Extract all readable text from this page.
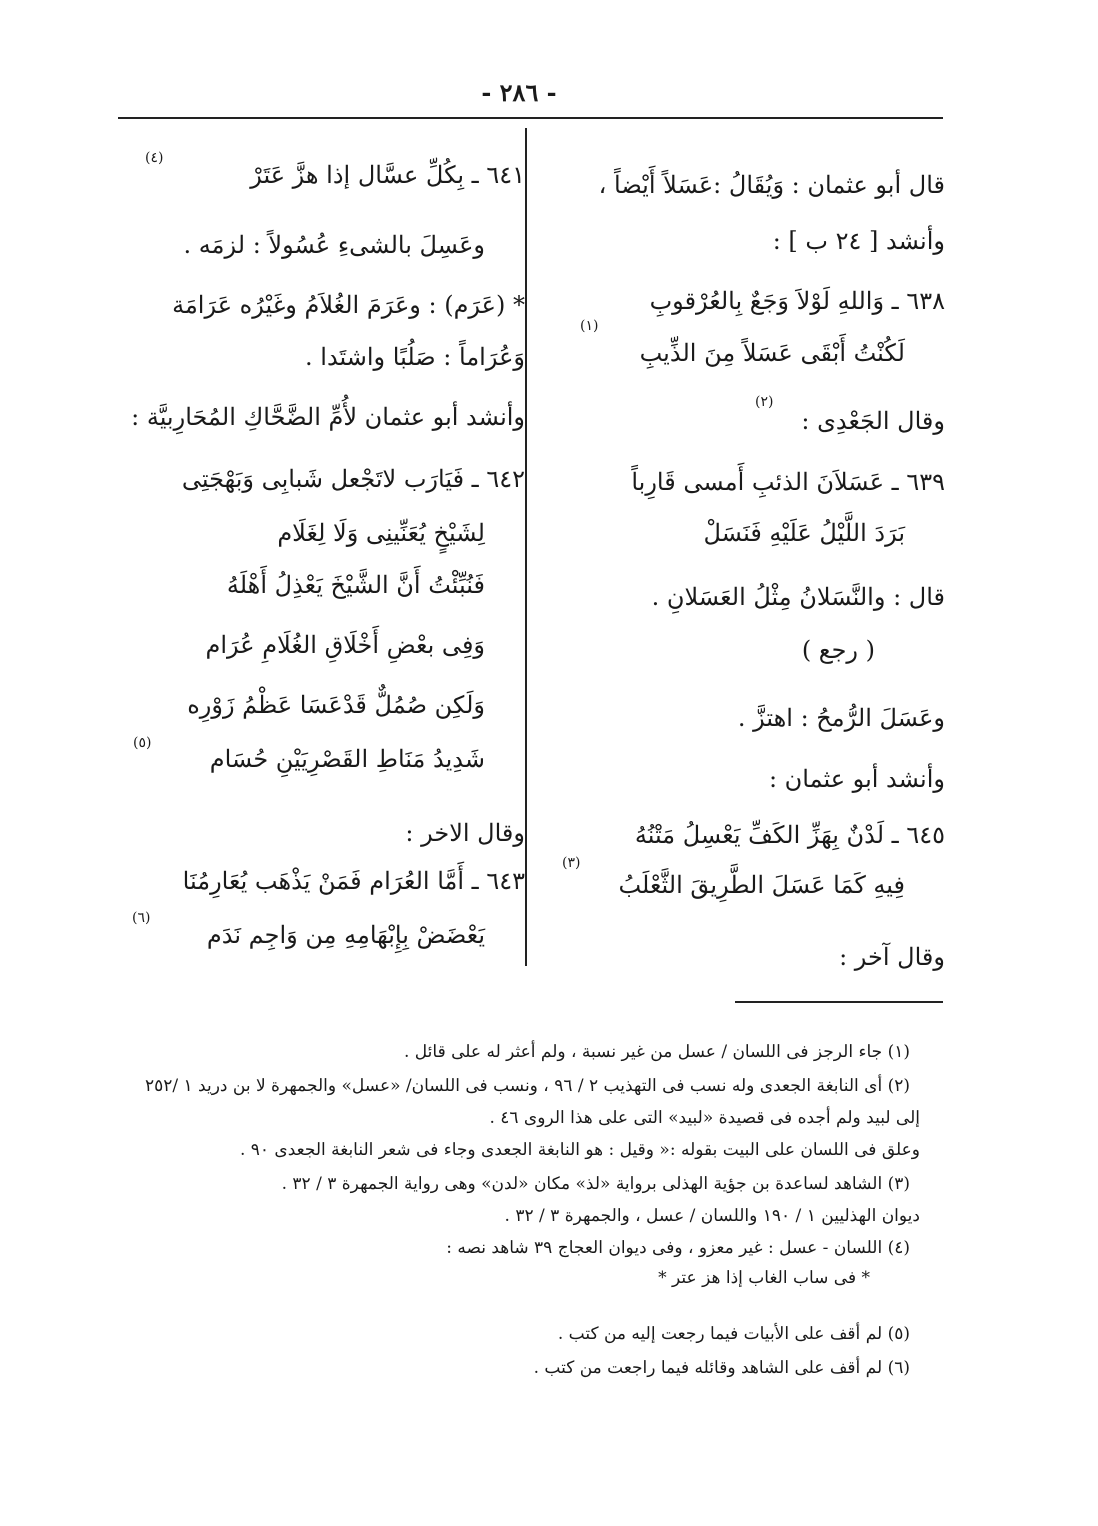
- ٢٨٦ -
قال أبو عثمان : وَيُقَالُ :عَسَلاً أَيْضاً ،
وأنشد [ ٢٤ ب ] :
٦٣٨ ـ وَاللهِ لَوْلاَ وَجَعٌ بِالعُرْقوبِ
لَكُنْتُ أَبْقَى عَسَلاً مِنَ الذِّيبِ
وقال الجَعْدِى :
٦٣٩ ـ عَسَلاَنَ الذئبِ أَمسى قَارِباً
بَرَدَ اللَّيْلُ عَلَيْهِ فَنَسَلْ
قال : والنَّسَلانُ مِثْلُ العَسَلانِ .
( رجع )
وعَسَلَ الرُّمحُ : اهتزَّ .
وأنشد أبو عثمان :
٦٤٥ ـ لَدْنٌ بِهَزِّ الكَفِّ يَعْسِلُ مَتْنُهُ
فِيهِ كَمَا عَسَلَ الطَّرِيقَ الثَّعْلَبُ
وقال آخر :
(١)
(٢)
(٣)
٦٤١ ـ بِكُلِّ عسَّال إذا هزَّ عَتَرْ
وعَسِلَ بالشىءِ عُسُولاً : لزمَه .
* (عَرَم) : وعَرَمَ الغُلاَمُ وغَيْرُه عَرَامَة
وَعُرَاماً : صَلُبًا واشتَدا .
وأنشد أبو عثمان لأُمِّ الضَّحَّاكِ المُحَارِبيَّة :
٦٤٢ ـ فَيَارَب لاتَجْعل شَبابِى وَبَهْجَتِى
لِشَيْخٍ يُعَنِّينِى وَلَا لِغَلَام
فَنُبِّئْتُ أَنَّ الشَّيْخَ يَعْذِلُ أَهْلَهُ
وَفِى بعْضِ أَخْلَاقِ الغُلَامِ عُرَام
وَلَكِن صُمُلٌّ قَدْعَسَا عَظْمُ زَوْرِه
شَدِيدُ مَنَاطِ القَصْرِيَيْنِ حُسَام
وقال الاخر :
٦٤٣ ـ أَمَّا العُرَام فَمَنْ يَذْهَب يُعَارِمُنَا
يَعْضَضْ بِإِبْهَامِهِ مِن وَاجِم نَدَم
(٤)
(٥)
(٦)
(١) جاء الرجز فى اللسان / عسل من غير نسبة ، ولم أعثر له على قائل .
(٢) أى النابغة الجعدى وله نسب فى التهذيب ٢ / ٩٦ ، ونسب فى اللسان/ «عسل» والجمهرة لا بن دريد ١ /٢٥٢
إلى لبيد ولم أجده فى قصيدة «لبيد» التى على هذا الروى ٤٦ .
وعلق فى اللسان على البيت بقوله :« وقيل : هو النابغة الجعدى وجاء فى شعر النابغة الجعدى ٩٠ .
(٣) الشاهد لساعدة بن جؤية الهذلى برواية «لذ» مكان «لدن» وهى رواية الجمهرة ٣ / ٣٢ .
ديوان الهذليين ١ / ١٩٠ واللسان / عسل ، والجمهرة ٣ / ٣٢ .
(٤) اللسان - عسل : غير معزو ، وفى ديوان العجاج ٣٩ شاهد نصه :
* فى ساب الغاب إذا هز عتر *
(٥) لم أقف على الأبيات فيما رجعت إليه من كتب .
(٦) لم أقف على الشاهد وقائله فيما راجعت من كتب .
